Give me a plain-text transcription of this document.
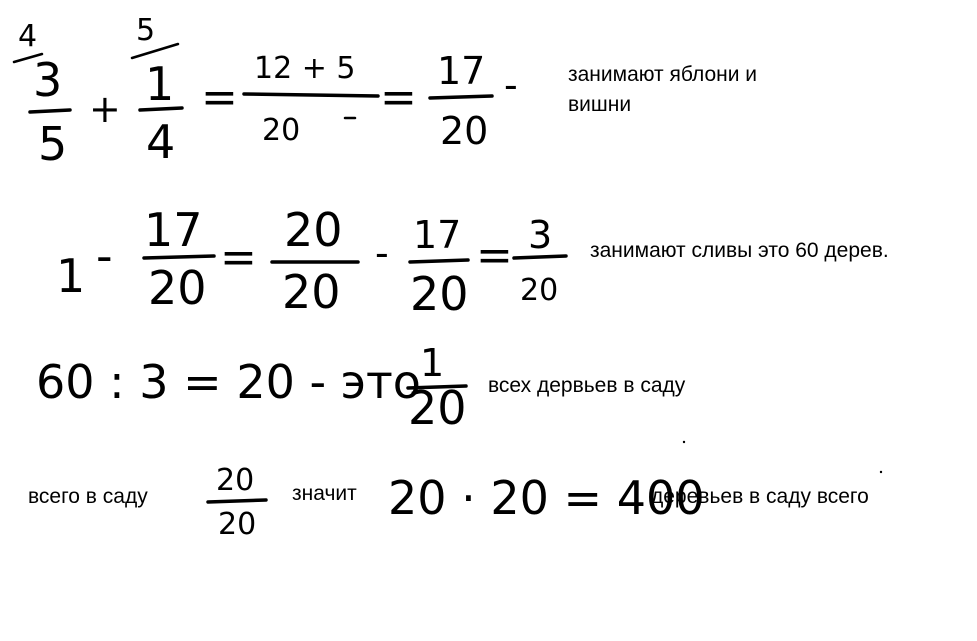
4
3
5
+
5
1
4
=
12 + 5
20
=
17
20
-
1 - 17
20
=
20
20
- 17
20
= 3
20
60 : 3 = 20 - это 1
20
20
20	20 · 20 = 400
занимают яблони и
вишни
занимают сливы это 60 дерев.
всех дервьев в саду
всего в саду	значит	деревьев в саду всего
